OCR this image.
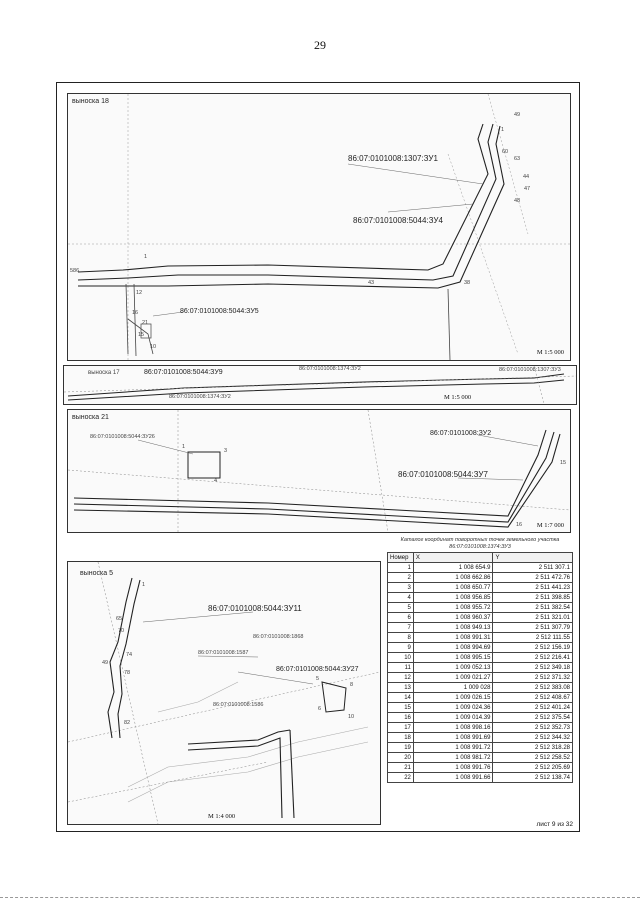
29
выноска 18
86:07:0101008:1307:ЗУ1
86:07:0101008:5044:ЗУ4
86:07:0101008:5044:ЗУ5
49
1
60
63
44
47
48
38
43
1
12
16
21
15
10
586
М 1:5 000
выноска 17	86:07:0101008:5044:ЗУ9	86:07:0101008:1374:ЗУ2	86:07:0101008:1307:ЗУ3
86:07:0101008:1374:ЗУ2	М 1:5 000
выноска 21
86:07:0101008:5044:ЗУ26	86:07:0101008:ЗУ2
86:07:0101008:5044:ЗУ7
1
3
4
15
16 М 1:7 000
выноска 5
86:07:0101008:5044:ЗУ11
86:07:0101008:1868
86:07:0101008:1587
86:07:0101008:5044:ЗУ27
86:07:0101008:1586
1
65
70
74
78
49
82
5
8
10
6
М 1:4 000
Каталог координат поворотных точек земельного участка 86:07:0101008:1374:ЗУ3
Номер	X	Y
1	1 008 654.9	2 511 307.1
2	1 008 662.86	2 511 472.76
3	1 008 650.77	2 511 441.23
4	1 008 956.85	2 511 398.85
5	1 008 955.72	2 511 382.54
6	1 008 960.37	2 511 321.01
7	1 008 949.13	2 511 307.79
8	1 008 991.31	2 512 111.55
9	1 008 994.69	2 512 156.19
10	1 008 995.15	2 512 216.41
11	1 009 052.13	2 512 349.18
12	1 009 021.27	2 512 371.32
13	1 009 028	2 512 383.08
14	1 009 026.15	2 512 408.67
15	1 009 024.36	2 512 401.24
16	1 009 014.39	2 512 375.54
17	1 008 998.16	2 512 352.73
18	1 008 991.69	2 512 344.32
19	1 008 991.72	2 512 318.28
20	1 008 981.72	2 512 258.52
21	1 008 991.76	2 512 205.69
22	1 008 991.66	2 512 138.74
лист 9 из 32
